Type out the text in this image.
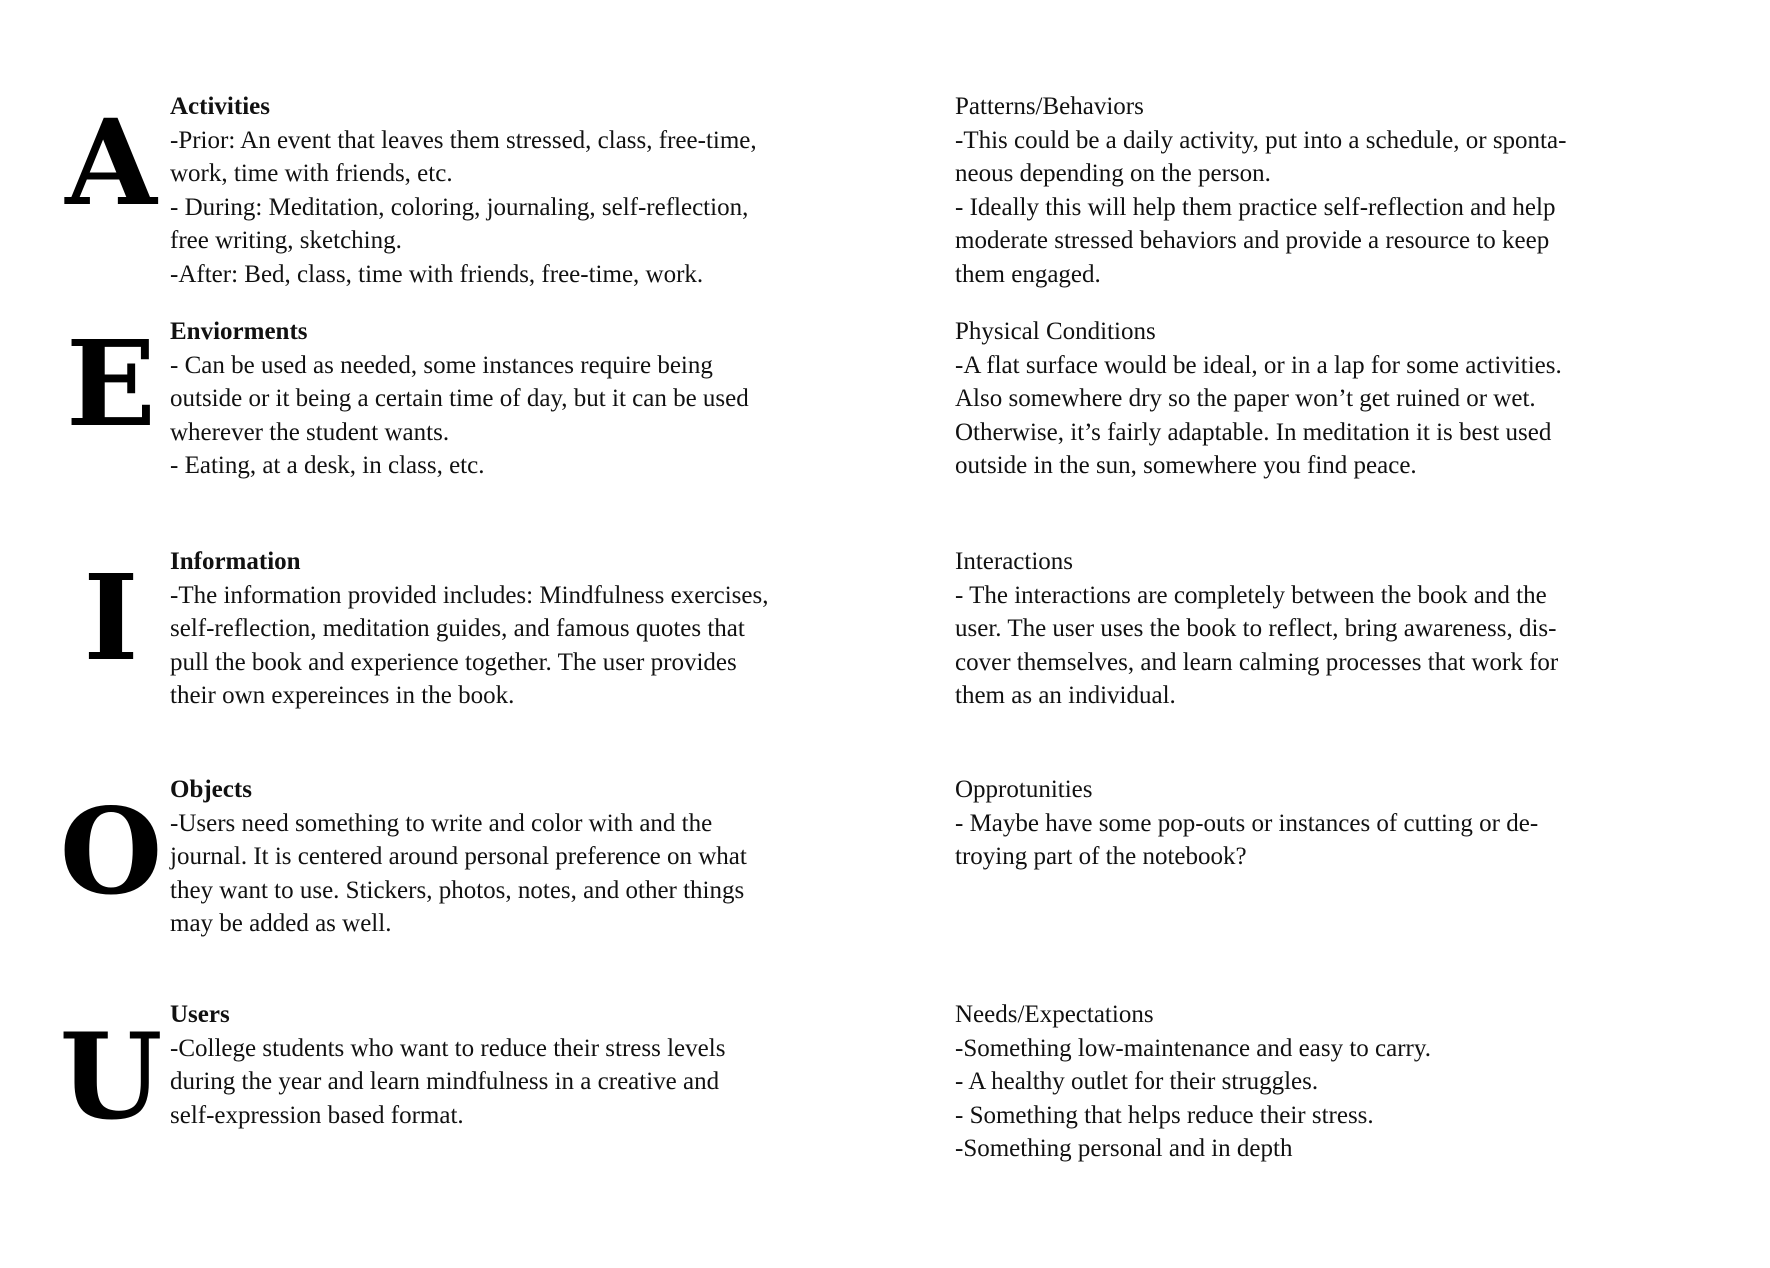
A Activities
-Prior: An event that leaves them stressed, class, free-time,
work, time with friends, etc.
- During: Meditation, coloring, journaling, self-reflection,
free writing, sketching.
-After: Bed, class, time with friends, free-time, work.
Patterns/Behaviors
-This could be a daily activity, put into a schedule, or sponta-
neous depending on the person.
- Ideally this will help them practice self-reflection and help
moderate stressed behaviors and provide a resource to keep
them engaged.
E Enviorments
- Can be used as needed, some instances require being
outside or it being a certain time of day, but it can be used
wherever the student wants.
- Eating, at a desk, in class, etc.
Physical Conditions
-A flat surface would be ideal, or in a lap for some activities.
Also somewhere dry so the paper won’t get ruined or wet.
Otherwise, it’s fairly adaptable. In meditation it is best used
outside in the sun, somewhere you find peace.
I	Information
-The information provided includes: Mindfulness exercises,
self-reflection, meditation guides, and famous quotes that
pull the book and experience together. The user provides
their own expereinces in the book.
Interactions
- The interactions are completely between the book and the
user. The user uses the book to reflect, bring awareness, dis-
cover themselves, and learn calming processes that work for
them as an individual.
O Objects
-Users need something to write and color with and the
journal. It is centered around personal preference on what
they want to use. Stickers, photos, notes, and other things
may be added as well.
Opprotunities
- Maybe have some pop-outs or instances of cutting or de-
troying part of the notebook?
U Users
-College students who want to reduce their stress levels
during the year and learn mindfulness in a creative and
self-expression based format.
Needs/Expectations
-Something low-maintenance and easy to carry.
- A healthy outlet for their struggles.
- Something that helps reduce their stress.
-Something personal and in depth
